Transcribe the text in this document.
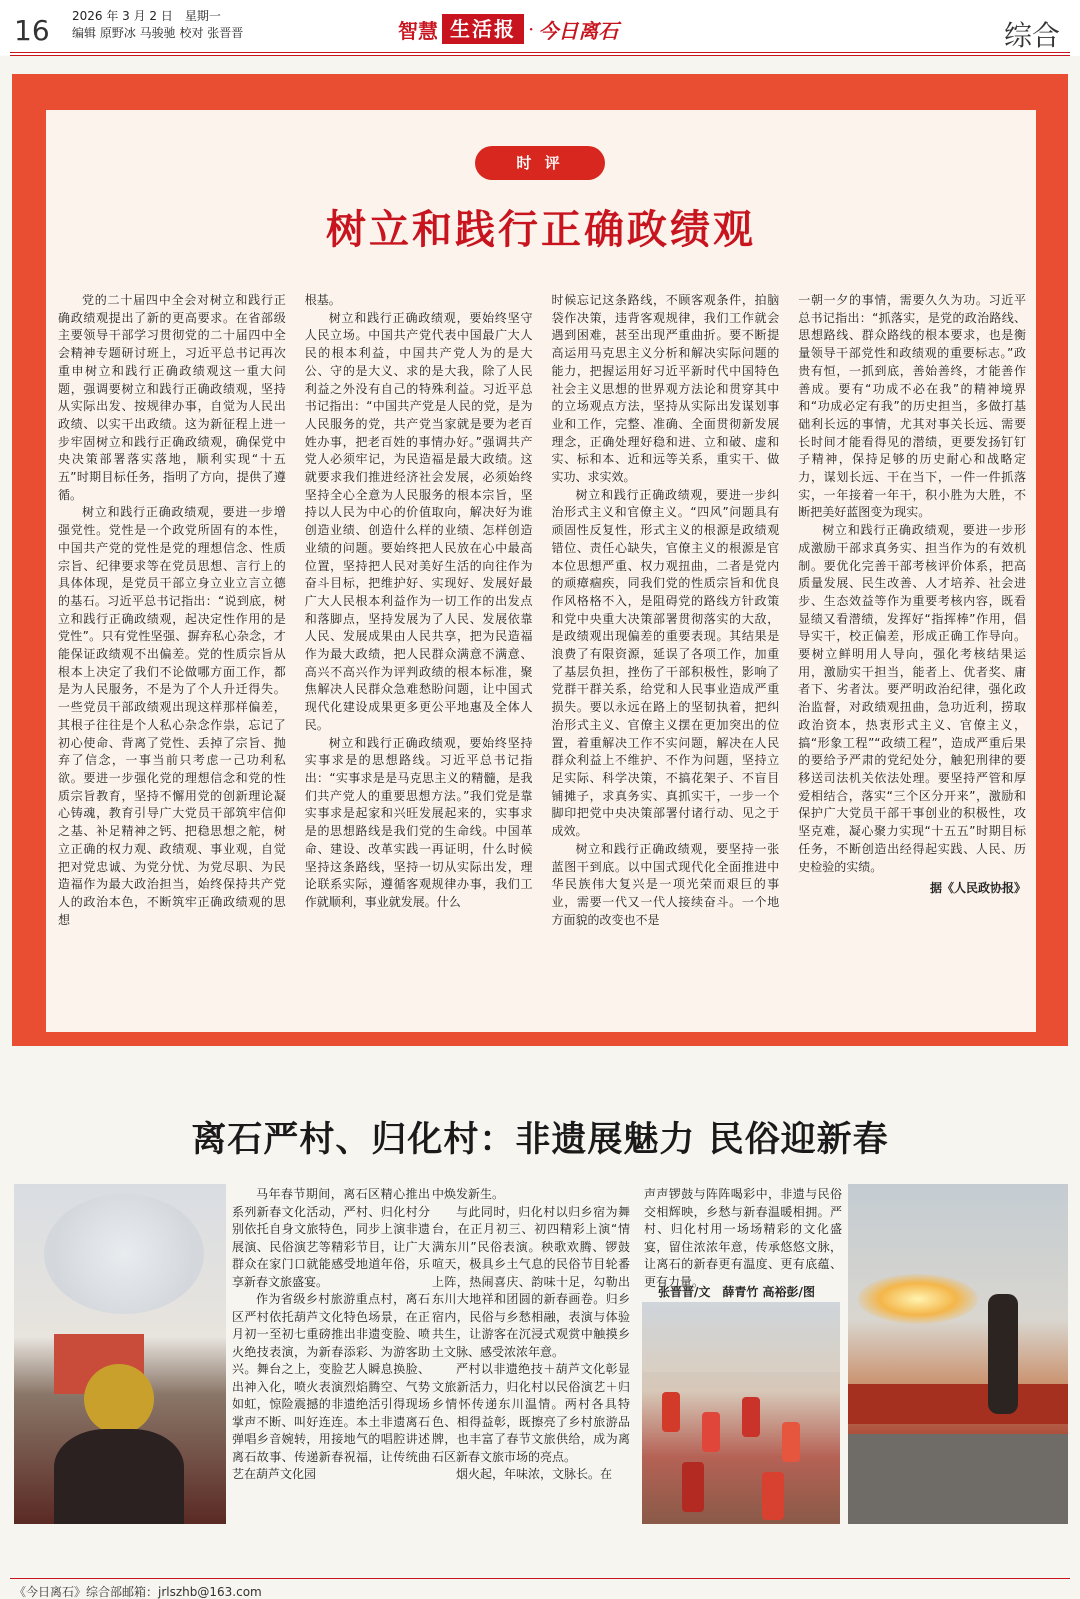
16 2026 年 3 月 2 日　星期一
编辑 原野冰 马骏驰 校对 张晋晋	智慧 生活报 · 今日离石	综合
时 评
树立和践行正确政绩观

党的二十届四中全会对树立和践行正确政绩观提出了新的更高要求。在省部级主要领导干部学习贯彻党的二十届四中全会精神专题研讨班上，习近平总书记再次重申树立和践行正确政绩观这一重大问题，强调要树立和践行正确政绩观，坚持从实际出发、按规律办事，自觉为人民出政绩、以实干出政绩。这为新征程上进一步牢固树立和践行正确政绩观，确保党中央决策部署落实落地，顺利实现“十五五”时期目标任务，指明了方向，提供了遵循。

树立和践行正确政绩观，要进一步增强党性。党性是一个政党所固有的本性，中国共产党的党性是党的理想信念、性质宗旨、纪律要求等在党员思想、言行上的具体体现，是党员干部立身立业立言立德的基石。习近平总书记指出：“说到底，树立和践行正确政绩观，起决定性作用的是党性”。只有党性坚强、摒弃私心杂念，才能保证政绩观不出偏差。党的性质宗旨从根本上决定了我们不论做哪方面工作，都是为人民服务，不是为了个人升迁得失。一些党员干部政绩观出现这样那样偏差，其根子往往是个人私心杂念作祟，忘记了初心使命、背离了党性、丢掉了宗旨、抛弃了信念，一事当前只考虑一己功利私欲。要进一步强化党的理想信念和党的性质宗旨教育，坚持不懈用党的创新理论凝心铸魂，教育引导广大党员干部筑牢信仰之基、补足精神之钙、把稳思想之舵，树立正确的权力观、政绩观、事业观，自觉把对党忠诚、为党分忧、为党尽职、为民造福作为最大政治担当，始终保持共产党人的政治本色，不断筑牢正确政绩观的思想

根基。

树立和践行正确政绩观，要始终坚守人民立场。中国共产党代表中国最广大人民的根本利益，中国共产党人为的是大公、守的是大义、求的是大我，除了人民利益之外没有自己的特殊利益。习近平总书记指出：“中国共产党是人民的党，是为人民服务的党，共产党当家就是要为老百姓办事，把老百姓的事情办好。”强调共产党人必须牢记，为民造福是最大政绩。这就要求我们推进经济社会发展，必须始终坚持全心全意为人民服务的根本宗旨，坚持以人民为中心的价值取向，解决好为谁创造业绩、创造什么样的业绩、怎样创造业绩的问题。要始终把人民放在心中最高位置，坚持把人民对美好生活的向往作为奋斗目标，把维护好、实现好、发展好最广大人民根本利益作为一切工作的出发点和落脚点，坚持发展为了人民、发展依靠人民、发展成果由人民共享，把为民造福作为最大政绩，把人民群众满意不满意、高兴不高兴作为评判政绩的根本标准，聚焦解决人民群众急难愁盼问题，让中国式现代化建设成果更多更公平地惠及全体人民。

树立和践行正确政绩观，要始终坚持实事求是的思想路线。习近平总书记指出：“实事求是是马克思主义的精髓，是我们共产党人的重要思想方法。”我们党是靠实事求是起家和兴旺发展起来的，实事求是的思想路线是我们党的生命线。中国革命、建设、改革实践一再证明，什么时候坚持这条路线，坚持一切从实际出发，理论联系实际，遵循客观规律办事，我们工作就顺利，事业就发展。什么

时候忘记这条路线，不顾客观条件，拍脑袋作决策，违背客观规律，我们工作就会遇到困难，甚至出现严重曲折。要不断提高运用马克思主义分析和解决实际问题的能力，把握运用好习近平新时代中国特色社会主义思想的世界观方法论和贯穿其中的立场观点方法，坚持从实际出发谋划事业和工作，完整、准确、全面贯彻新发展理念，正确处理好稳和进、立和破、虚和实、标和本、近和远等关系，重实干、做实功、求实效。

树立和践行正确政绩观，要进一步纠治形式主义和官僚主义。“四风”问题具有顽固性反复性，形式主义的根源是政绩观错位、责任心缺失，官僚主义的根源是官本位思想严重、权力观扭曲，二者是党内的顽瘴痼疾，同我们党的性质宗旨和优良作风格格不入，是阻碍党的路线方针政策和党中央重大决策部署贯彻落实的大敌，是政绩观出现偏差的重要表现。其结果是浪费了有限资源，延误了各项工作，加重了基层负担，挫伤了干部积极性，影响了党群干群关系，给党和人民事业造成严重损失。要以永远在路上的坚韧执着，把纠治形式主义、官僚主义摆在更加突出的位置，着重解决工作不实问题，解决在人民群众利益上不维护、不作为问题，坚持立足实际、科学决策，不搞花架子、不盲目铺摊子，求真务实、真抓实干，一步一个脚印把党中央决策部署付诸行动、见之于成效。

树立和践行正确政绩观，要坚持一张蓝图干到底。以中国式现代化全面推进中华民族伟大复兴是一项光荣而艰巨的事业，需要一代又一代人接续奋斗。一个地方面貌的改变也不是

一朝一夕的事情，需要久久为功。习近平总书记指出：“抓落实，是党的政治路线、思想路线、群众路线的根本要求，也是衡量领导干部党性和政绩观的重要标志。”政贵有恒，一抓到底，善始善终，才能善作善成。要有“功成不必在我”的精神境界和“功成必定有我”的历史担当，多做打基础利长远的事情，尤其对事关长远、需要长时间才能看得见的潜绩，更要发扬钉钉子精神，保持足够的历史耐心和战略定力，谋划长远、干在当下，一件一件抓落实，一年接着一年干，积小胜为大胜，不断把美好蓝图变为现实。

树立和践行正确政绩观，要进一步形成激励干部求真务实、担当作为的有效机制。要优化完善干部考核评价体系，把高质量发展、民生改善、人才培养、社会进步、生态效益等作为重要考核内容，既看显绩又看潜绩，发挥好“指挥棒”作用，倡导实干，校正偏差，形成正确工作导向。要树立鲜明用人导向，强化考核结果运用，激励实干担当，能者上、优者奖、庸者下、劣者汰。要严明政治纪律，强化政治监督，对政绩观扭曲，急功近利，捞取政治资本，热衷形式主义、官僚主义，搞“形象工程”“政绩工程”，造成严重后果的要给予严肃的党纪处分，触犯刑律的要移送司法机关依法处理。要坚持严管和厚爱相结合，落实“三个区分开来”，激励和保护广大党员干部干事创业的积极性，攻坚克难，凝心聚力实现“十五五”时期目标任务，不断创造出经得起实践、人民、历史检验的实绩。

据《人民政协报》
离石严村、归化村：非遗展魅力 民俗迎新春

马年春节期间，离石区精心推出系列新春文化活动，严村、归化村分别依托自身文旅特色，同步上演非遗展演、民俗演艺等精彩节目，让广大群众在家门口就能感受地道年俗，乐享新春文旅盛宴。

作为省级乡村旅游重点村，离石区严村依托葫芦文化特色场景，在正月初一至初七重磅推出非遗变脸、喷火绝技表演，为新春添彩、为游客助兴。舞台之上，变脸艺人瞬息换脸、出神入化，喷火表演烈焰腾空、气势如虹，惊险震撼的非遗绝活引得现场掌声不断、叫好连连。本土非遗离石弹唱乡音婉转，用接地气的唱腔讲述离石故事、传递新春祝福，让传统曲艺在葫芦文化园

中焕发新生。

与此同时，归化村以归乡宿为舞台，在正月初三、初四精彩上演“情满东川”民俗表演。秧歌欢腾、锣鼓喧天，极具乡土气息的民俗节目轮番上阵，热闹喜庆、韵味十足，勾勒出东川大地祥和团圆的新春画卷。归乡宿内，民俗与乡愁相融，表演与体验共生，让游客在沉浸式观赏中触摸乡土文脉、感受浓浓年意。

严村以非遗绝技＋葫芦文化彰显文旅新活力，归化村以民俗演艺＋归乡情怀传递东川温情。两村各具特色、相得益彰，既擦亮了乡村旅游品牌，也丰富了春节文旅供给，成为离石区新春文旅市场的亮点。

烟火起，年味浓，文脉长。在

声声锣鼓与阵阵喝彩中，非遗与民俗交相辉映，乡愁与新春温暖相拥。严村、归化村用一场场精彩的文化盛宴，留住浓浓年意，传承悠悠文脉，让离石的新春更有温度、更有底蕴、更有力量。

张晋晋/文　薛青竹 高裕彭/图
《今日离石》综合部邮箱：jrlszhb@163.com
